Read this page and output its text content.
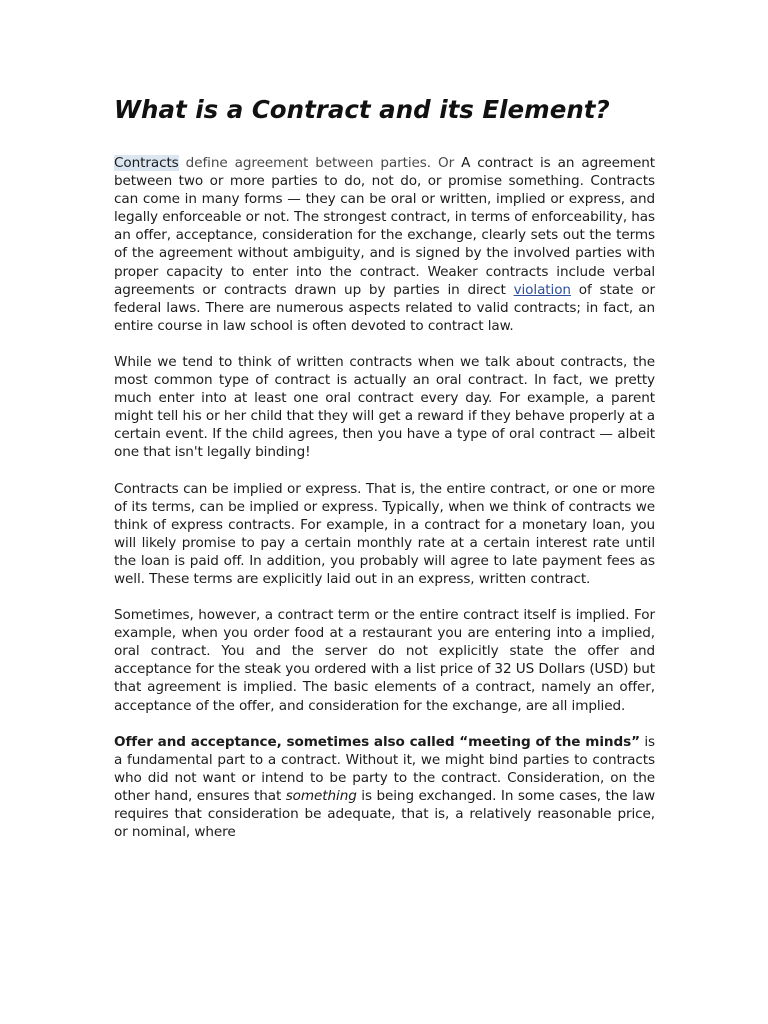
What is a Contract and its Element?

Contracts define agreement between parties. Or A contract is an agreement between two or more parties to do, not do, or promise something. Contracts can come in many forms — they can be oral or written, implied or express, and legally enforceable or not. The strongest contract, in terms of enforceability, has an offer, acceptance, consideration for the exchange, clearly sets out the terms of the agreement without ambiguity, and is signed by the involved parties with proper capacity to enter into the contract. Weaker contracts include verbal agreements or contracts drawn up by parties in direct violation of state or federal laws. There are numerous aspects related to valid contracts; in fact, an entire course in law school is often devoted to contract law.

While we tend to think of written contracts when we talk about contracts, the most common type of contract is actually an oral contract. In fact, we pretty much enter into at least one oral contract every day. For example, a parent might tell his or her child that they will get a reward if they behave properly at a certain event. If the child agrees, then you have a type of oral contract — albeit one that isn't legally binding!

Contracts can be implied or express. That is, the entire contract, or one or more of its terms, can be implied or express. Typically, when we think of contracts we think of express contracts. For example, in a contract for a monetary loan, you will likely promise to pay a certain monthly rate at a certain interest rate until the loan is paid off. In addition, you probably will agree to late payment fees as well. These terms are explicitly laid out in an express, written contract.

Sometimes, however, a contract term or the entire contract itself is implied. For example, when you order food at a restaurant you are entering into a implied, oral contract. You and the server do not explicitly state the offer and acceptance for the steak you ordered with a list price of 32 US Dollars (USD) but that agreement is implied. The basic elements of a contract, namely an offer, acceptance of the offer, and consideration for the exchange, are all implied.

Offer and acceptance, sometimes also called “meeting of the minds” is a fundamental part to a contract. Without it, we might bind parties to contracts who did not want or intend to be party to the contract. Consideration, on the other hand, ensures that something is being exchanged. In some cases, the law requires that consideration be adequate, that is, a relatively reasonable price, or nominal, where
